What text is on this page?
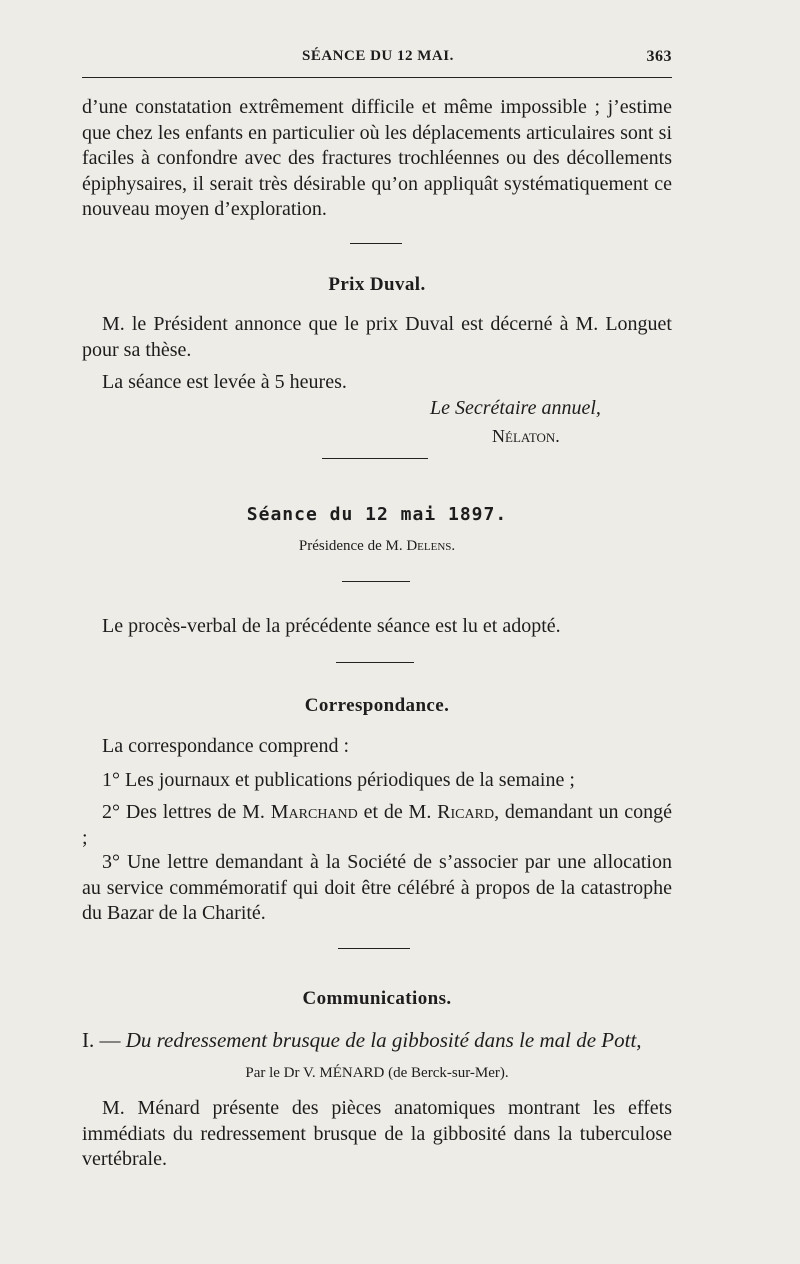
SÉANCE DU 12 MAI.	363
d’une constatation extrêmement difficile et même impossible ; j’estime que chez les enfants en particulier où les déplacements articulaires sont si faciles à confondre avec des fractures trochléennes ou des décollements épiphysaires, il serait très désirable qu’on appliquât systématiquement ce nouveau moyen d’exploration.
Prix Duval.
M. le Président annonce que le prix Duval est décerné à M. Longuet pour sa thèse.
La séance est levée à 5 heures.
Le Secrétaire annuel,
Nélaton.
Séance du 12 mai 1897.
Présidence de M. Delens.
Le procès-verbal de la précédente séance est lu et adopté.
Correspondance.
La correspondance comprend :
1° Les journaux et publications périodiques de la semaine ;
2° Des lettres de M. Marchand et de M. Ricard, demandant un congé ;
3° Une lettre demandant à la Société de s’associer par une allocation au service commémoratif qui doit être célébré à propos de la catastrophe du Bazar de la Charité.
Communications.
I. — Du redressement brusque de la gibbosité dans le mal de Pott,
Par le Dr V. MÉNARD (de Berck-sur-Mer).
M. Ménard présente des pièces anatomiques montrant les effets immédiats du redressement brusque de la gibbosité dans la tuberculose vertébrale.
